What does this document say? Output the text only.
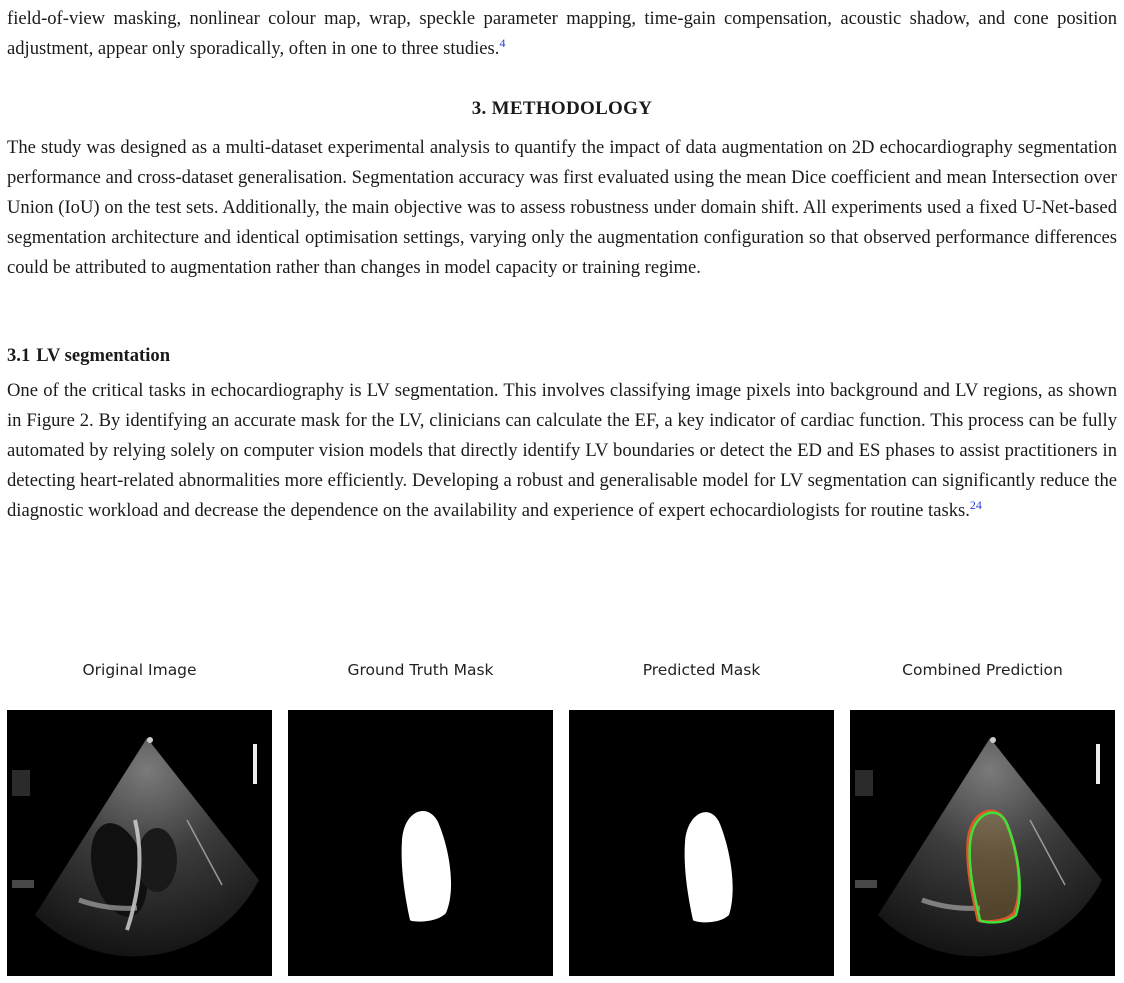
field-of-view masking, nonlinear colour map, wrap, speckle parameter mapping, time-gain compensation, acoustic shadow, and cone position adjustment, appear only sporadically, often in one to three studies.$^4$

3. METHODOLOGY

The study was designed as a multi-dataset experimental analysis to quantify the impact of data augmentation on 2D echocardiography segmentation performance and cross-dataset generalisation. Segmentation accuracy was first evaluated using the mean Dice coefficient and mean Intersection over Union (IoU) on the test sets. Additionally, the main objective was to assess robustness under domain shift. All experiments used a fixed U-Net-based segmentation architecture and identical optimisation settings, varying only the augmentation configuration so that observed performance differences could be attributed to augmentation rather than changes in model capacity or training regime.

3.1 LV segmentation

One of the critical tasks in echocardiography is LV segmentation. This involves classifying image pixels into background and LV regions, as shown in Figure 2. By identifying an accurate mask for the LV, clinicians can calculate the EF, a key indicator of cardiac function. This process can be fully automated by relying solely on computer vision models that directly identify LV boundaries or detect the ED and ES phases to assist practitioners in detecting heart-related abnormalities more efficiently. Developing a robust and generalisable model for LV segmentation can significantly reduce the diagnostic workload and decrease the dependence on the availability and experience of expert echocardiologists for routine tasks.$^{24}$

Original Image	Ground Truth Mask	Predicted Mask	Combined Prediction
